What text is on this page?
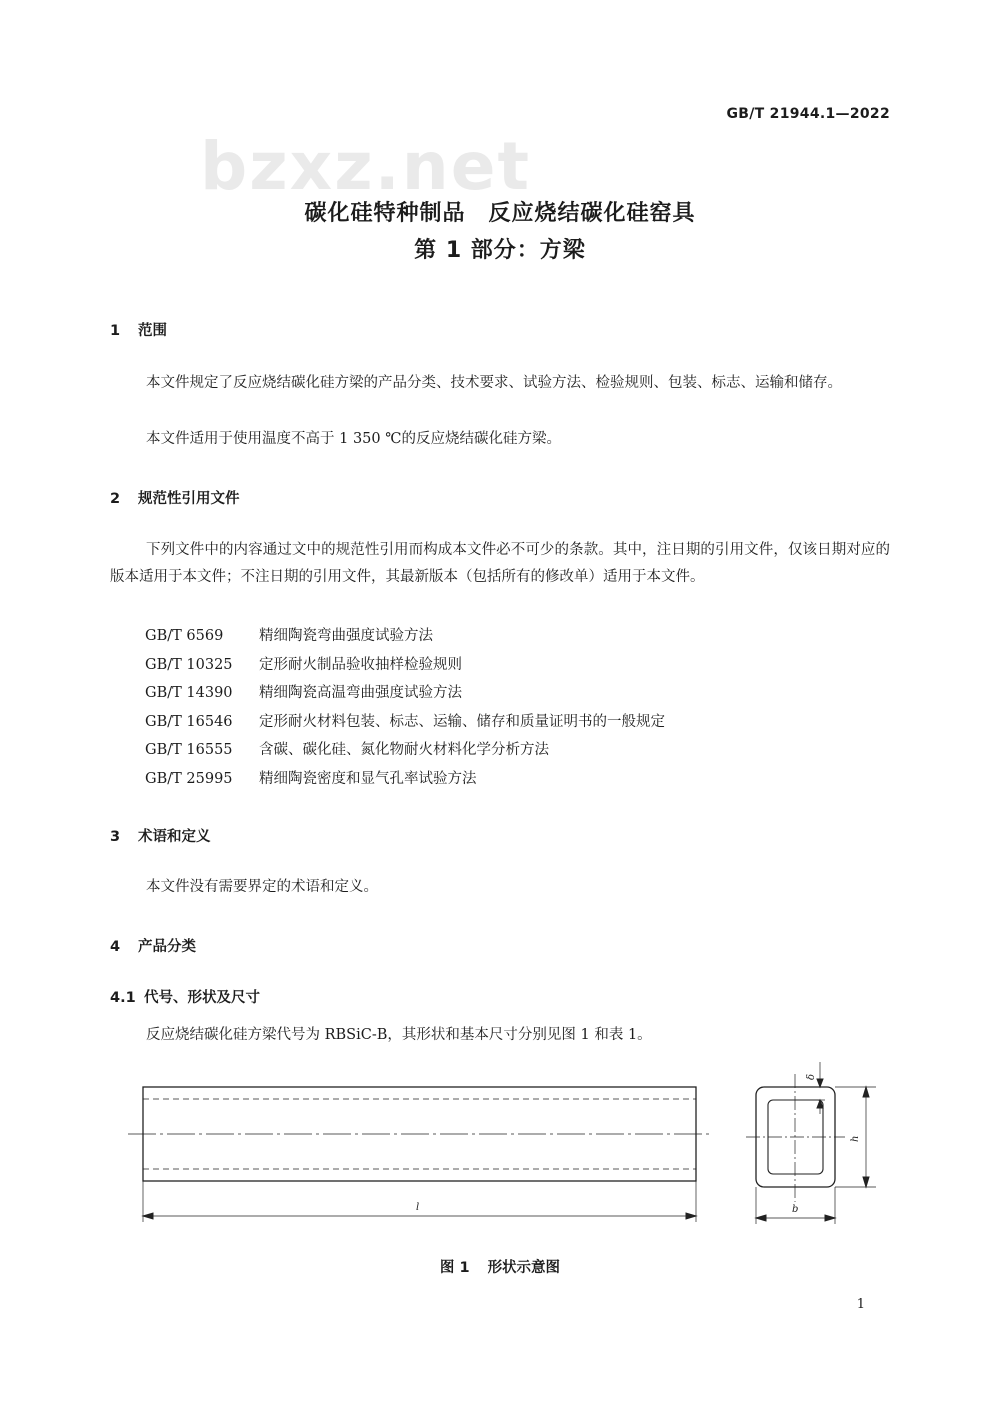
GB/T 21944.1—2022
bzxz.net
碳化硅特种制品　反应烧结碳化硅窑具
第 1 部分：方梁
1 范围
本文件规定了反应烧结碳化硅方梁的产品分类、技术要求、试验方法、检验规则、包装、标志、运输和储存。
本文件适用于使用温度不高于 1 350 ℃的反应烧结碳化硅方梁。
2 规范性引用文件
下列文件中的内容通过文中的规范性引用而构成本文件必不可少的条款。其中，注日期的引用文件，仅该日期对应的版本适用于本文件；不注日期的引用文件，其最新版本（包括所有的修改单）适用于本文件。
GB/T 6569 精细陶瓷弯曲强度试验方法
GB/T 10325 定形耐火制品验收抽样检验规则
GB/T 14390 精细陶瓷高温弯曲强度试验方法
GB/T 16546 定形耐火材料包装、标志、运输、储存和质量证明书的一般规定
GB/T 16555 含碳、碳化硅、氮化物耐火材料化学分析方法
GB/T 25995 精细陶瓷密度和显气孔率试验方法
3 术语和定义
本文件没有需要界定的术语和定义。
4 产品分类
4.1 代号、形状及尺寸
反应烧结碳化硅方梁代号为 RBSiC-B，其形状和基本尺寸分别见图 1 和表 1。
l
h
b
δ
图 1 形状示意图
1
